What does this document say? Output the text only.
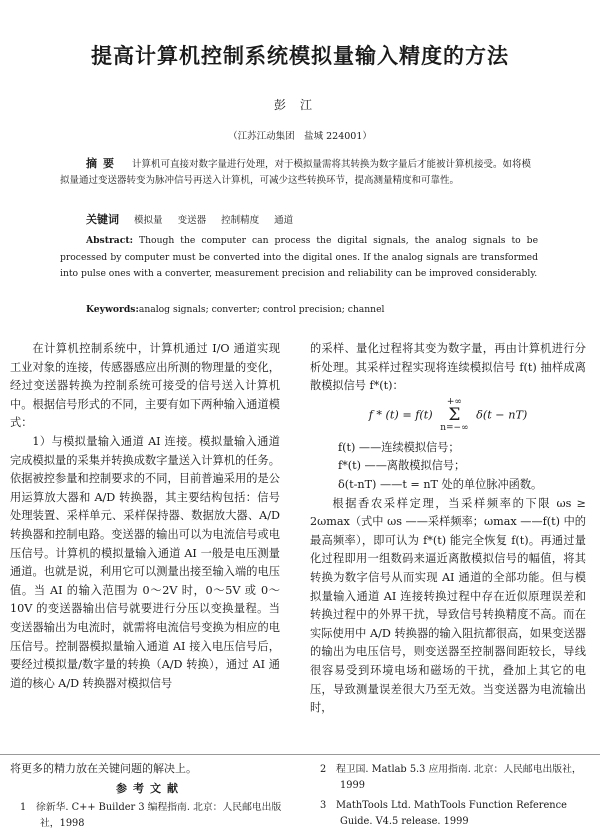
提高计算机控制系统模拟量输入精度的方法
彭江
（江苏江动集团　盐城 224001）
摘要 计算机可直接对数字量进行处理，对于模拟量需将其转换为数字量后才能被计算机接受。如将模拟量通过变送器转变为脉冲信号再送入计算机，可减少这些转换环节，提高测量精度和可靠性。
关键词 模拟量 变送器 控制精度 通道
Abstract: Though the computer can process the digital signals, the analog signals to be processed by computer must be converted into the digital ones. If the analog signals are transformed into pulse ones with a converter, measurement precision and reliability can be improved considerably.
Keywords:analog signals; converter; control precision; channel

在计算机控制系统中，计算机通过 I/O 通道实现工业对象的连接，传感器感应出所测的物理量的变化，经过变送器转换为控制系统可接受的信号送入计算机中。根据信号形式的不同，主要有如下两种输入通道模式：

1）与模拟量输入通道 AI 连接。模拟量输入通道完成模拟量的采集并转换成数字量送入计算机的任务。依据被控参量和控制要求的不同，目前普遍采用的是公用运算放大器和 A/D 转换器，其主要结构包括：信号处理装置、采样单元、采样保持器、数据放大器、A/D 转换器和控制电路。变送器的输出可以为电流信号或电压信号。计算机的模拟量输入通道 AI 一般是电压测量通道。也就是说，利用它可以测量出接至输入端的电压值。当 AI 的输入范围为 0～2V 时，0～5V 或 0～10V 的变送器输出信号就要进行分压以变换量程。当变送器输出为电流时，就需将电流信号变换为相应的电压信号。控制器模拟量输入通道 AI 接入电压信号后，要经过模拟量/数字量的转换（A/D 转换），通过 AI 通道的核心 A/D 转换器对模拟信号

的采样、量化过程将其变为数字量，再由计算机进行分析处理。其采样过程实现将连续模拟信号 f(t) 抽样成离散模拟信号 f*(t)：

f * (t) = f(t) +∞
Σ
n=−∞ δ(t − nT)

f(t) ——连续模拟信号；

f*(t) ——离散模拟信号；

δ(t-nT) ——t = nT 处的单位脉冲函数。

根据香农采样定理，当采样频率的下限 ωs ≥ 2ωmax（式中 ωs ——采样频率；ωmax ——f(t) 中的最高频率），即可认为 f*(t) 能完全恢复 f(t)。再通过量化过程即用一组数码来逼近离散模拟信号的幅值，将其转换为数字信号从而实现 AI 通道的全部功能。但与模拟量输入通道 AI 连接转换过程中存在近似原理误差和转换过程中的外界干扰，导致信号转换精度不高。而在实际使用中 A/D 转换器的输入阻抗都很高，如果变送器的输出为电压信号，则变送器至控制器间距较长，导线很容易受到环境电场和磁场的干扰，叠加上其它的电压，导致测量误差很大乃至无效。当变送器为电流输出时，

将更多的精力放在关键问题的解决上。
参考文献
1　徐新华. C++ Builder 3 编程指南. 北京：人民邮电出版社，1998
2　程卫国. Matlab 5.3 应用指南. 北京：人民邮电出版社，1999
3　MathTools Ltd. MathTools Function Reference Guide. V4.5 release. 1999
